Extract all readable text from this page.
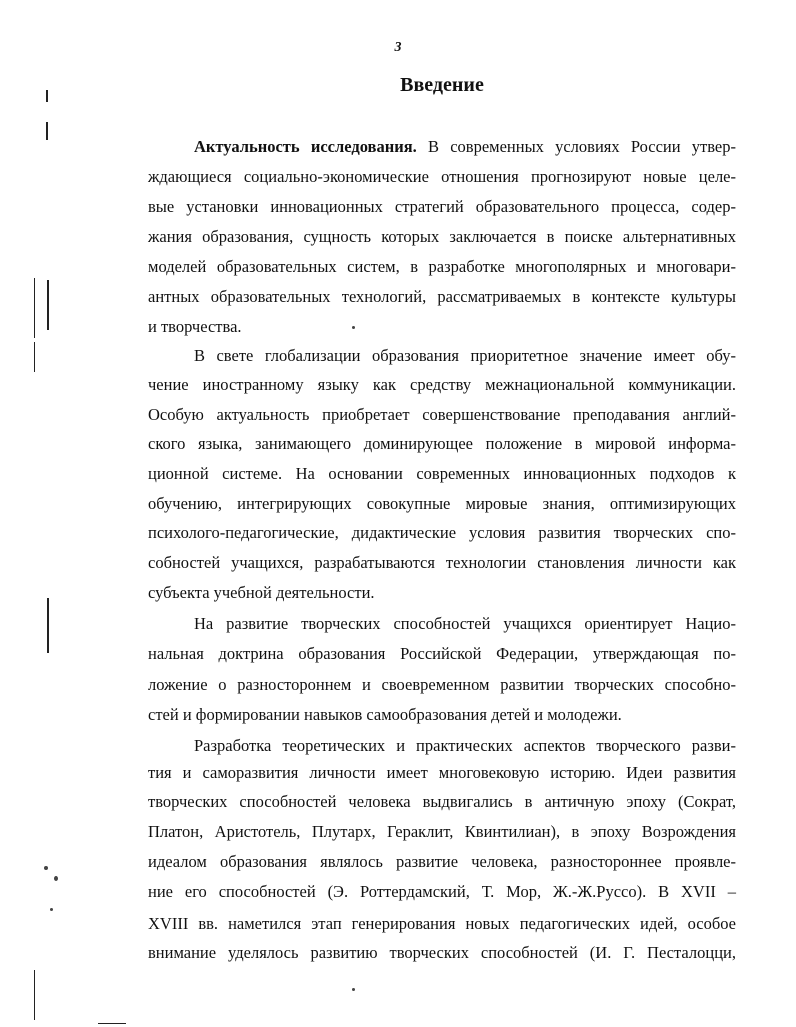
3
Введение
Актуальность исследования. В современных условиях России утвер-
ждающиеся социально-экономические отношения прогнозируют новые целе-
вые установки инновационных стратегий образовательного процесса, содер-
жания образования, сущность которых заключается в поиске альтернативных
моделей образовательных систем, в разработке многополярных и многовари-
антных образовательных технологий, рассматриваемых в контексте культуры
и творчества.
В свете глобализации образования приоритетное значение имеет обу-
чение иностранному языку как средству межнациональной коммуникации.
Особую актуальность приобретает совершенствование преподавания англий-
ского языка, занимающего доминирующее положение в мировой информа-
ционной системе. На основании современных инновационных подходов к
обучению, интегрирующих совокупные мировые знания, оптимизирующих
психолого-педагогические, дидактические условия развития творческих спо-
собностей учащихся, разрабатываются технологии становления личности как
субъекта учебной деятельности.
На развитие творческих способностей учащихся ориентирует Нацио-
нальная доктрина образования Российской Федерации, утверждающая по-
ложение о разностороннем и своевременном развитии творческих способно-
стей и формировании навыков самообразования детей и молодежи.
Разработка теоретических и практических аспектов творческого разви-
тия и саморазвития личности имеет многовековую историю. Идеи развития
творческих способностей человека выдвигались в античную эпоху (Сократ,
Платон, Аристотель, Плутарх, Гераклит, Квинтилиан), в эпоху Возрождения
идеалом образования являлось развитие человека, разностороннее проявле-
ние его способностей (Э. Роттердамский, Т. Мор, Ж.-Ж.Руссо). В XVII –
XVIII вв. наметился этап генерирования новых педагогических идей, особое
внимание уделялось развитию творческих способностей (И. Г. Песталоцци,
